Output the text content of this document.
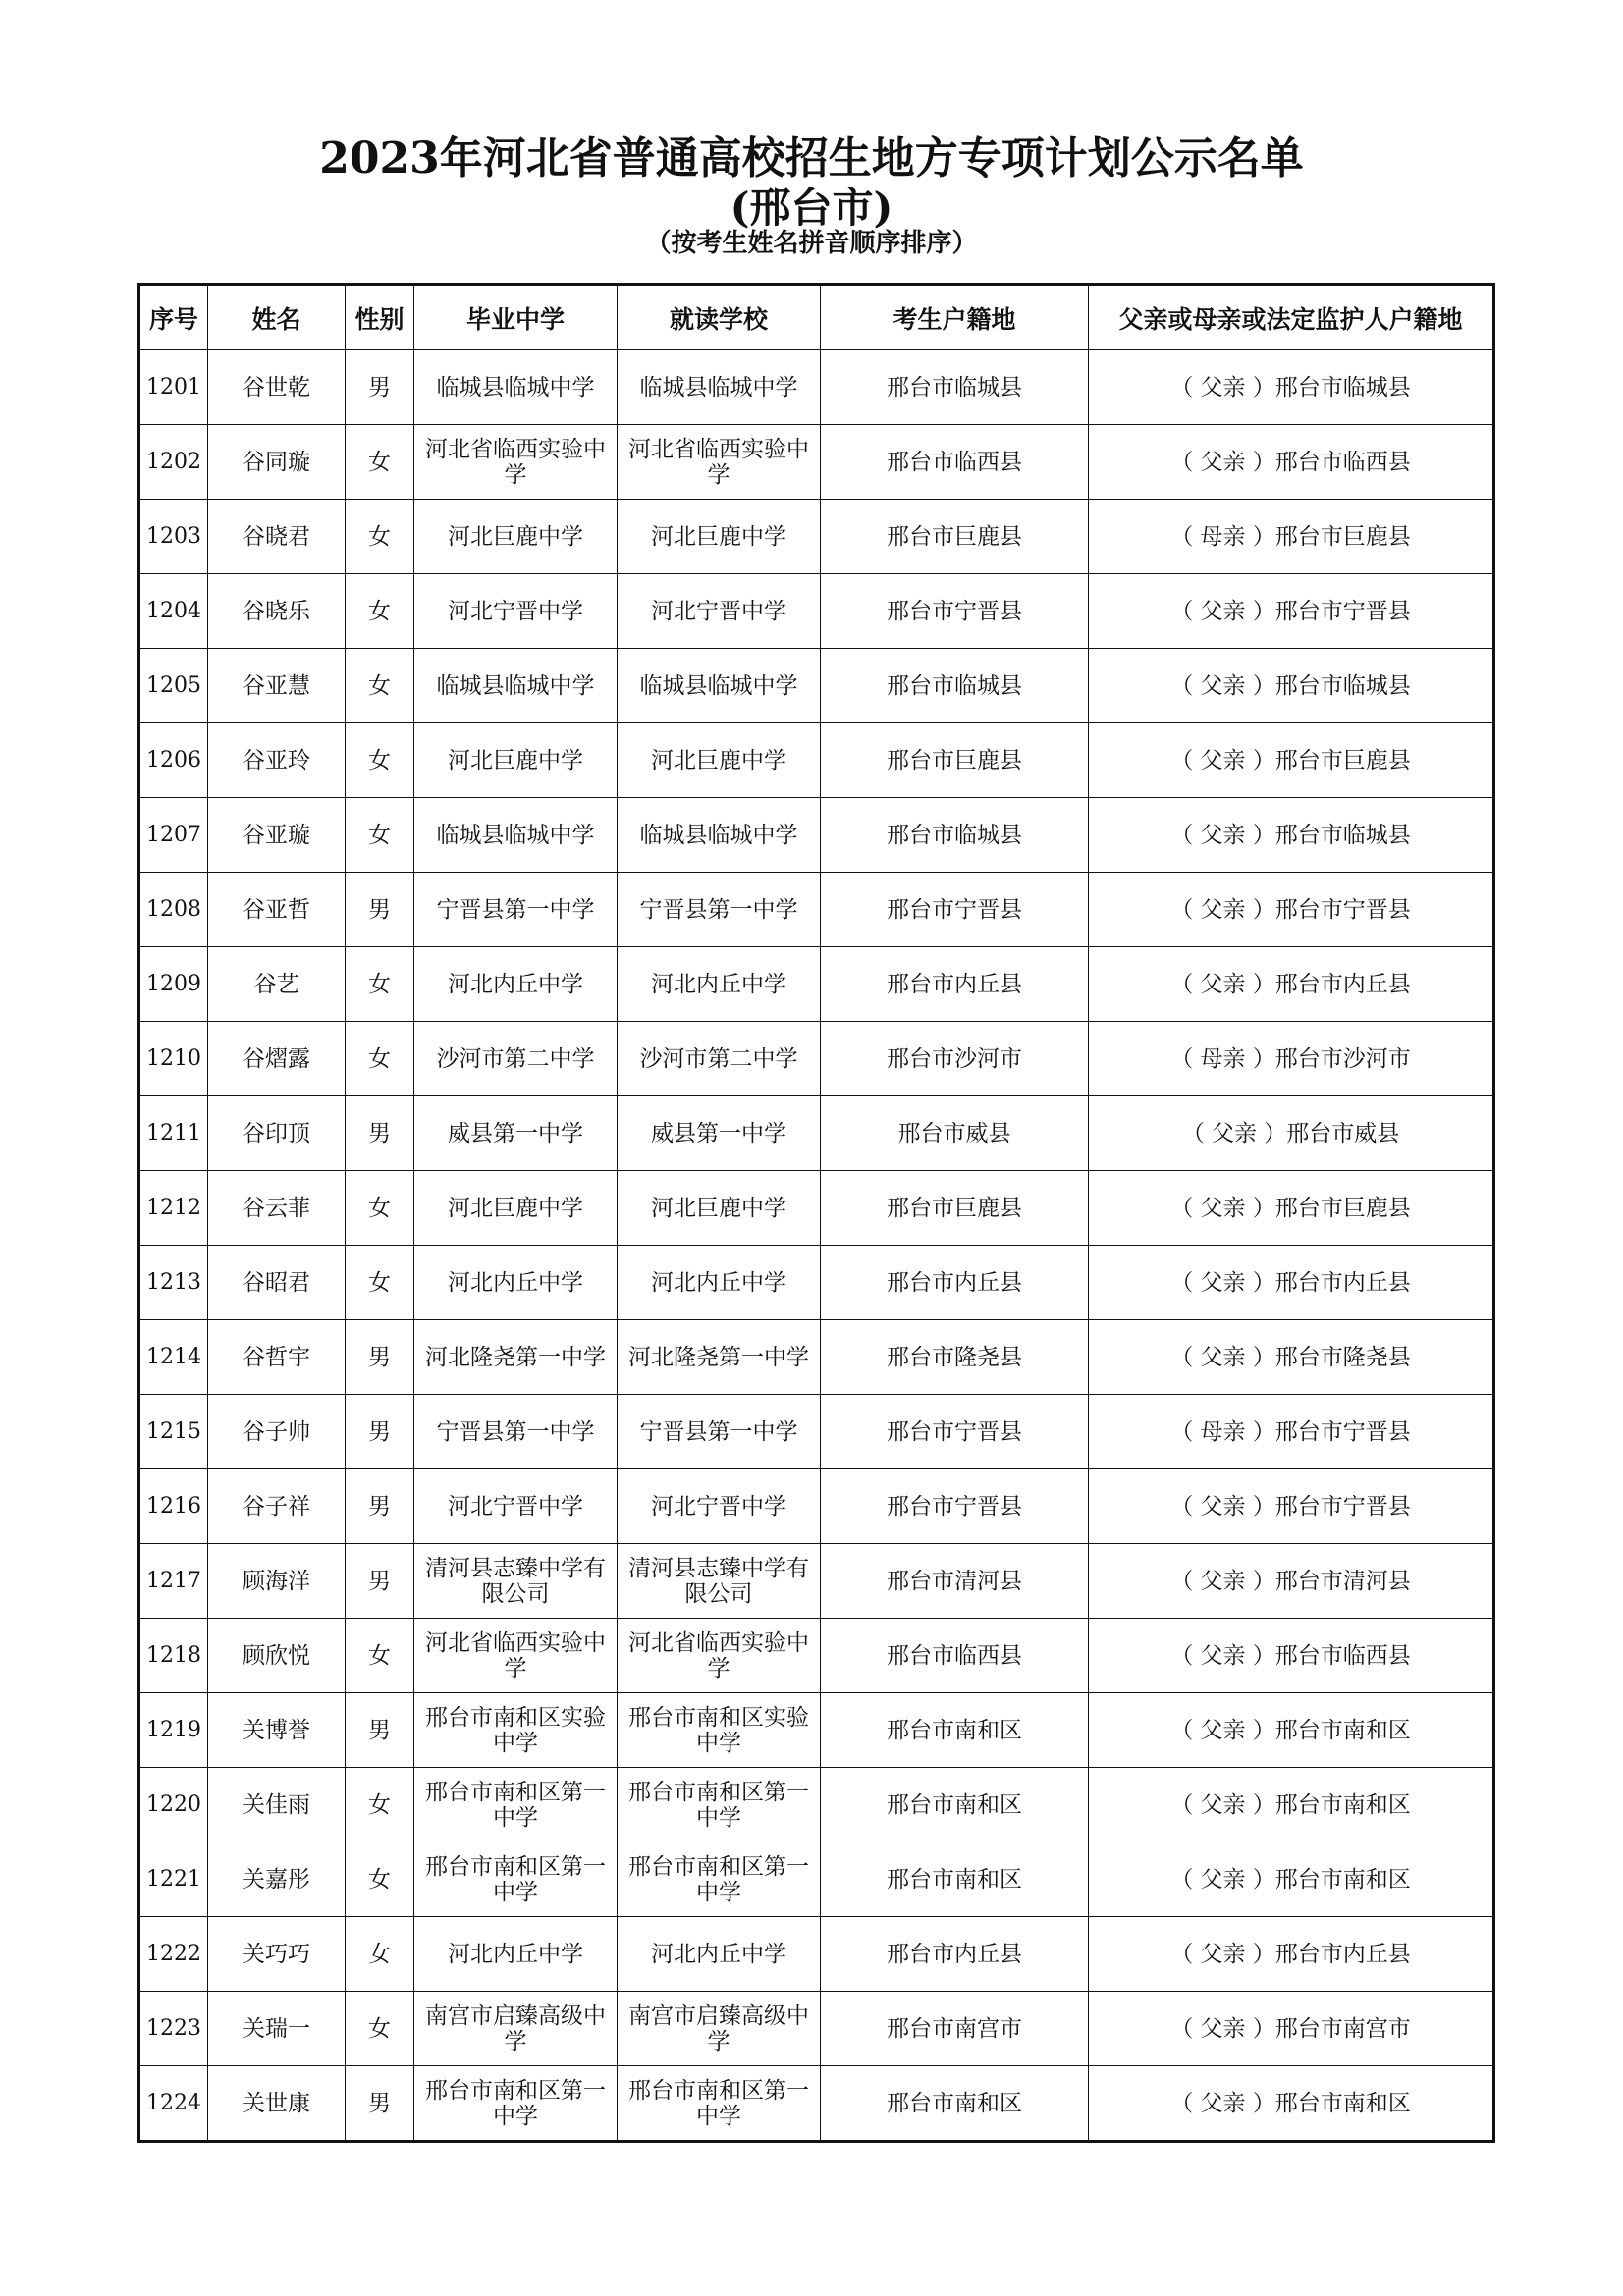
2023年河北省普通高校招生地方专项计划公示名单
(邢台市)
（按考生姓名拼音顺序排序）
序号	姓名	性别	毕业中学	就读学校	考生户籍地	父亲或母亲或法定监护人户籍地
1201	谷世乾	男	临城县临城中学	临城县临城中学	邢台市临城县	（ 父亲 ）邢台市临城县
1202	谷同璇	女	河北省临西实验中学	河北省临西实验中学	邢台市临西县	（ 父亲 ）邢台市临西县
1203	谷晓君	女	河北巨鹿中学	河北巨鹿中学	邢台市巨鹿县	（ 母亲 ）邢台市巨鹿县
1204	谷晓乐	女	河北宁晋中学	河北宁晋中学	邢台市宁晋县	（ 父亲 ）邢台市宁晋县
1205	谷亚慧	女	临城县临城中学	临城县临城中学	邢台市临城县	（ 父亲 ）邢台市临城县
1206	谷亚玲	女	河北巨鹿中学	河北巨鹿中学	邢台市巨鹿县	（ 父亲 ）邢台市巨鹿县
1207	谷亚璇	女	临城县临城中学	临城县临城中学	邢台市临城县	（ 父亲 ）邢台市临城县
1208	谷亚哲	男	宁晋县第一中学	宁晋县第一中学	邢台市宁晋县	（ 父亲 ）邢台市宁晋县
1209	谷艺	女	河北内丘中学	河北内丘中学	邢台市内丘县	（ 父亲 ）邢台市内丘县
1210	谷熠露	女	沙河市第二中学	沙河市第二中学	邢台市沙河市	（ 母亲 ）邢台市沙河市
1211	谷印顶	男	威县第一中学	威县第一中学	邢台市威县	（ 父亲 ）邢台市威县
1212	谷云菲	女	河北巨鹿中学	河北巨鹿中学	邢台市巨鹿县	（ 父亲 ）邢台市巨鹿县
1213	谷昭君	女	河北内丘中学	河北内丘中学	邢台市内丘县	（ 父亲 ）邢台市内丘县
1214	谷哲宇	男	河北隆尧第一中学	河北隆尧第一中学	邢台市隆尧县	（ 父亲 ）邢台市隆尧县
1215	谷子帅	男	宁晋县第一中学	宁晋县第一中学	邢台市宁晋县	（ 母亲 ）邢台市宁晋县
1216	谷子祥	男	河北宁晋中学	河北宁晋中学	邢台市宁晋县	（ 父亲 ）邢台市宁晋县
1217	顾海洋	男	清河县志臻中学有限公司	清河县志臻中学有限公司	邢台市清河县	（ 父亲 ）邢台市清河县
1218	顾欣悦	女	河北省临西实验中学	河北省临西实验中学	邢台市临西县	（ 父亲 ）邢台市临西县
1219	关博誉	男	邢台市南和区实验中学	邢台市南和区实验中学	邢台市南和区	（ 父亲 ）邢台市南和区
1220	关佳雨	女	邢台市南和区第一中学	邢台市南和区第一中学	邢台市南和区	（ 父亲 ）邢台市南和区
1221	关嘉彤	女	邢台市南和区第一中学	邢台市南和区第一中学	邢台市南和区	（ 父亲 ）邢台市南和区
1222	关巧巧	女	河北内丘中学	河北内丘中学	邢台市内丘县	（ 父亲 ）邢台市内丘县
1223	关瑞一	女	南宫市启臻高级中学	南宫市启臻高级中学	邢台市南宫市	（ 父亲 ）邢台市南宫市
1224	关世康	男	邢台市南和区第一中学	邢台市南和区第一中学	邢台市南和区	（ 父亲 ）邢台市南和区
